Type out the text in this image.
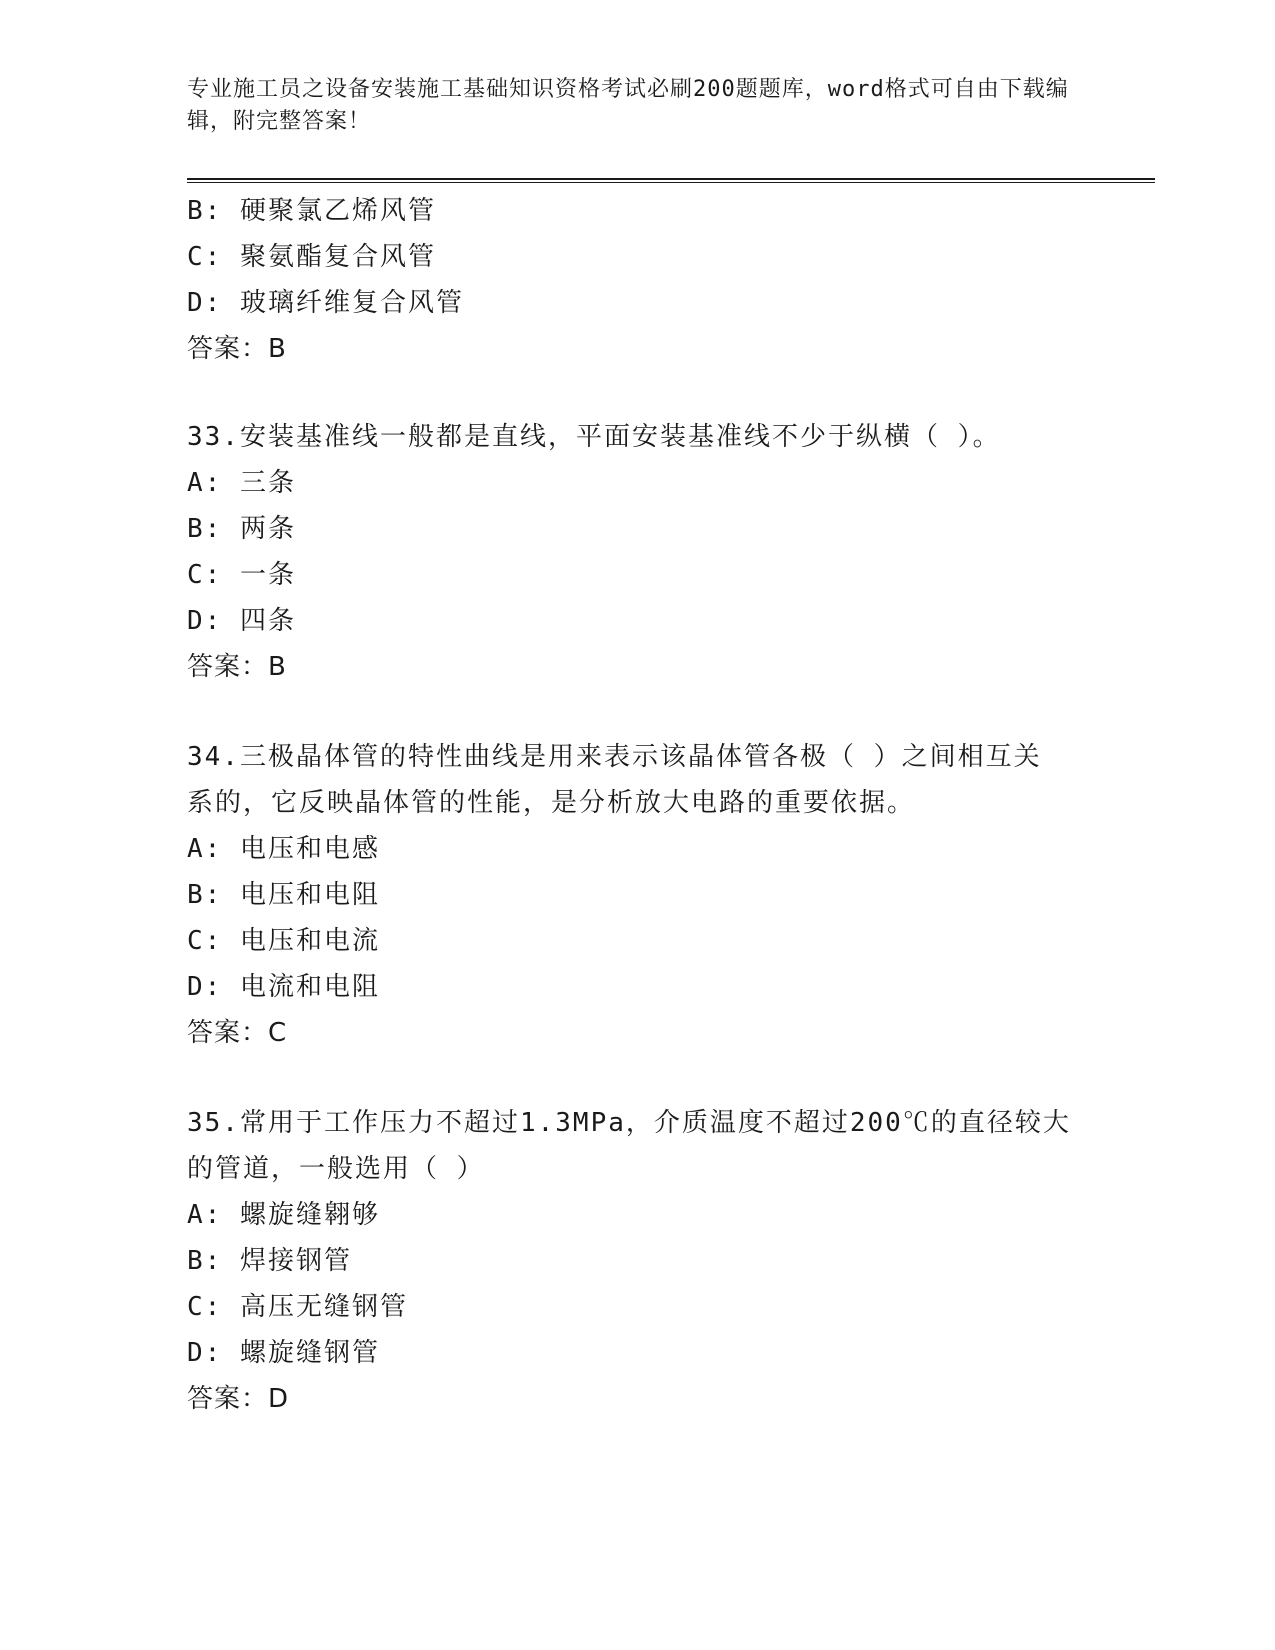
专业施工员之设备安装施工基础知识资格考试必刷200题题库，word格式可自由下载编辑，附完整答案！
B: 硬聚氯乙烯风管
C: 聚氨酯复合风管
D: 玻璃纤维复合风管
答案：B
33.安装基准线一般都是直线，平面安装基准线不少于纵横（ ）。
A: 三条
B: 两条
C: 一条
D: 四条
答案：B
34.三极晶体管的特性曲线是用来表示该晶体管各极（ ）之间相互关
系的，它反映晶体管的性能，是分析放大电路的重要依据。
A: 电压和电感
B: 电压和电阻
C: 电压和电流
D: 电流和电阻
答案：C
35.常用于工作压力不超过1.3MPa，介质温度不超过200℃的直径较大
的管道，一般选用（ ）
A: 螺旋缝翱够
B: 焊接钢管
C: 高压无缝钢管
D: 螺旋缝钢管
答案：D
